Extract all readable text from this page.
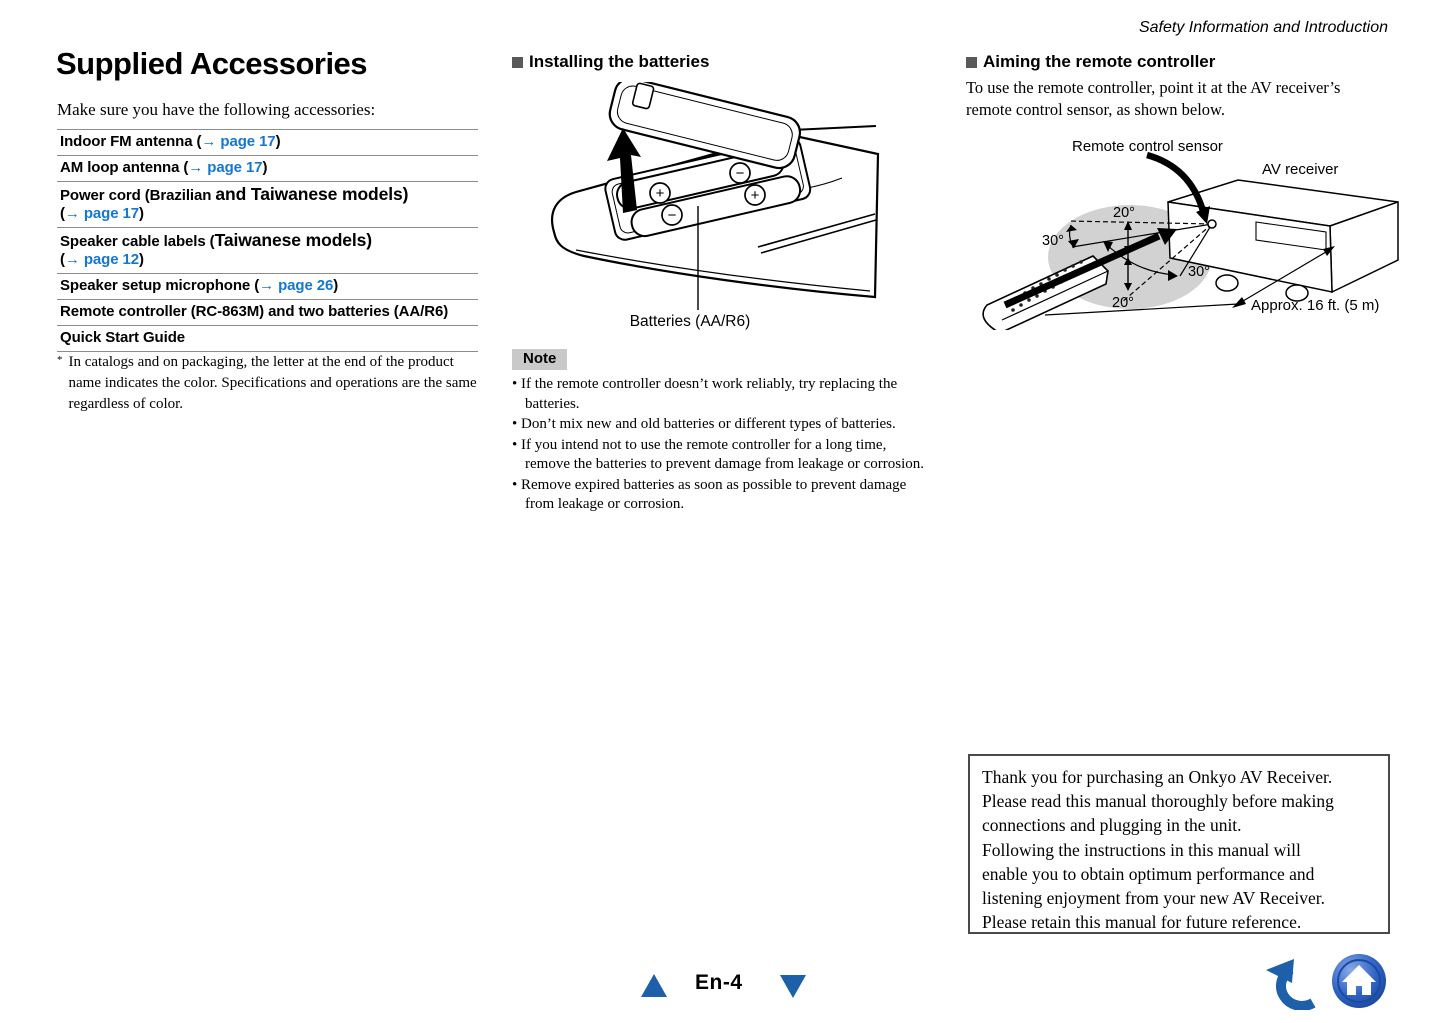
Safety Information and Introduction
Supplied Accessories
Make sure you have the following accessories:
Indoor FM antenna (→ page 17)
AM loop antenna (→ page 17)
Power cord (Brazilian and Taiwanese models)
(→ page 17)
Speaker cable labels (Taiwanese models)
(→ page 12)
Speaker setup microphone (→ page 26)
Remote controller (RC-863M) and two batteries (AA/R6)
Quick Start Guide
* In catalogs and on packaging, the letter at the end of the product name indicates the color. Specifications and operations are the same regardless of color.
Installing the batteries
+
−
−
+
Batteries (AA/R6)
Note
• If the remote controller doesn’t work reliably, try replacing the batteries.
• Don’t mix new and old batteries or different types of batteries.
• If you intend not to use the remote controller for a long time, remove the batteries to prevent damage from leakage or corrosion.
• Remove expired batteries as soon as possible to prevent damage from leakage or corrosion.
Aiming the remote controller
To use the remote controller, point it at the AV receiver’s
remote control sensor, as shown below.
Remote control sensor
AV receiver
20°
30°
30°
20°	Approx. 16 ft. (5 m)
Thank you for purchasing an Onkyo AV Receiver.
Please read this manual thoroughly before making
connections and plugging in the unit.
Following the instructions in this manual will
enable you to obtain optimum performance and
listening enjoyment from your new AV Receiver.
Please retain this manual for future reference.
En-4
